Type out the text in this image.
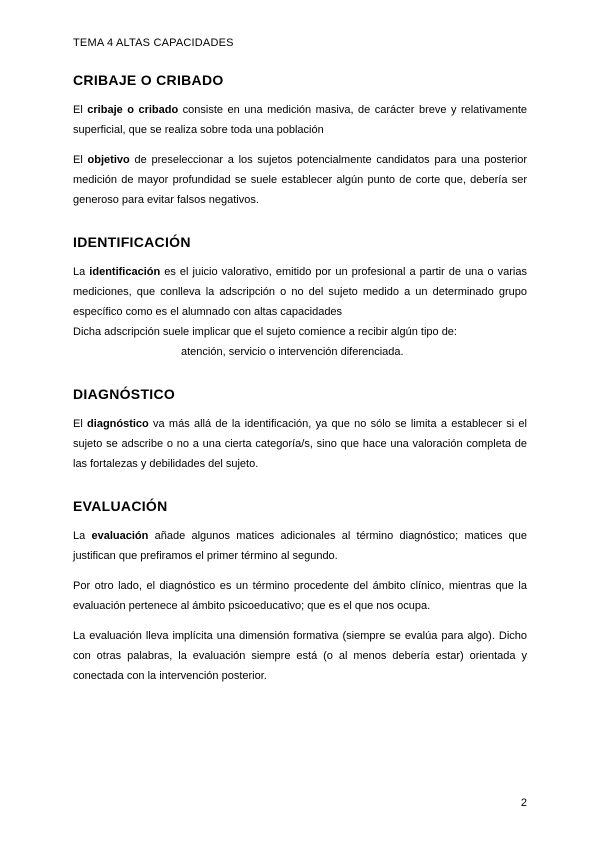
TEMA 4 ALTAS CAPACIDADES
CRIBAJE O CRIBADO

El cribaje o cribado consiste en una medición masiva, de carácter breve y relativamente superficial, que se realiza sobre toda una población

El objetivo de preseleccionar a los sujetos potencialmente candidatos para una posterior medición de mayor profundidad se suele establecer algún punto de corte que, debería ser generoso para evitar falsos negativos.

IDENTIFICACIÓN

La identificación es el juicio valorativo, emitido por un profesional a partir de una o varias mediciones, que conlleva la adscripción o no del sujeto medido a un determinado grupo específico como es el alumnado con altas capacidades

Dicha adscripción suele implicar que el sujeto comience a recibir algún tipo de:

atención, servicio o intervención diferenciada.

DIAGNÓSTICO

El diagnóstico va más allá de la identificación, ya que no sólo se limita a establecer si el sujeto se adscribe o no a una cierta categoría/s, sino que hace una valoración completa de las fortalezas y debilidades del sujeto.

EVALUACIÓN

La evaluación añade algunos matices adicionales al término diagnóstico; matices que justifican que prefiramos el primer término al segundo.

Por otro lado, el diagnóstico es un término procedente del ámbito clínico, mientras que la evaluación pertenece al ámbito psicoeducativo; que es el que nos ocupa.

La evaluación lleva implícita una dimensión formativa (siempre se evalúa para algo). Dicho con otras palabras, la evaluación siempre está (o al menos debería estar) orientada y conectada con la intervención posterior.

2
